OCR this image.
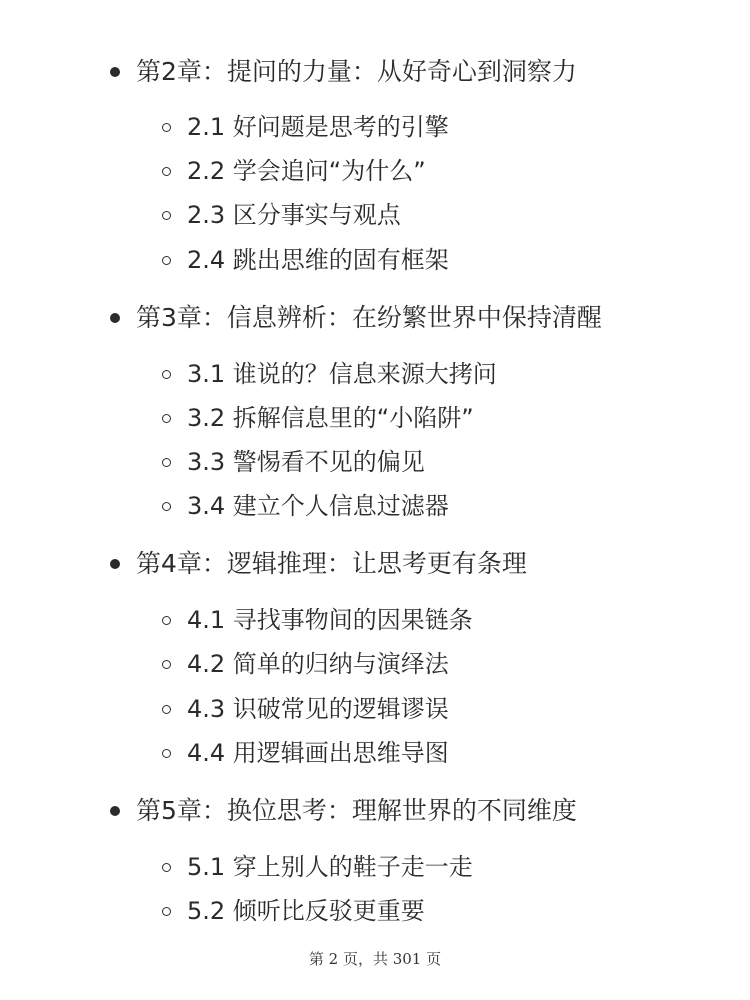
第2章：提问的力量：从好奇心到洞察力
2.1 好问题是思考的引擎
2.2 学会追问“为什么”
2.3 区分事实与观点
2.4 跳出思维的固有框架
第3章：信息辨析：在纷繁世界中保持清醒
3.1 谁说的？信息来源大拷问
3.2 拆解信息里的“小陷阱”
3.3 警惕看不见的偏见
3.4 建立个人信息过滤器
第4章：逻辑推理：让思考更有条理
4.1 寻找事物间的因果链条
4.2 简单的归纳与演绎法
4.3 识破常见的逻辑谬误
4.4 用逻辑画出思维导图
第5章：换位思考：理解世界的不同维度
5.1 穿上别人的鞋子走一走
5.2 倾听比反驳更重要
第 2 页，共 301 页
